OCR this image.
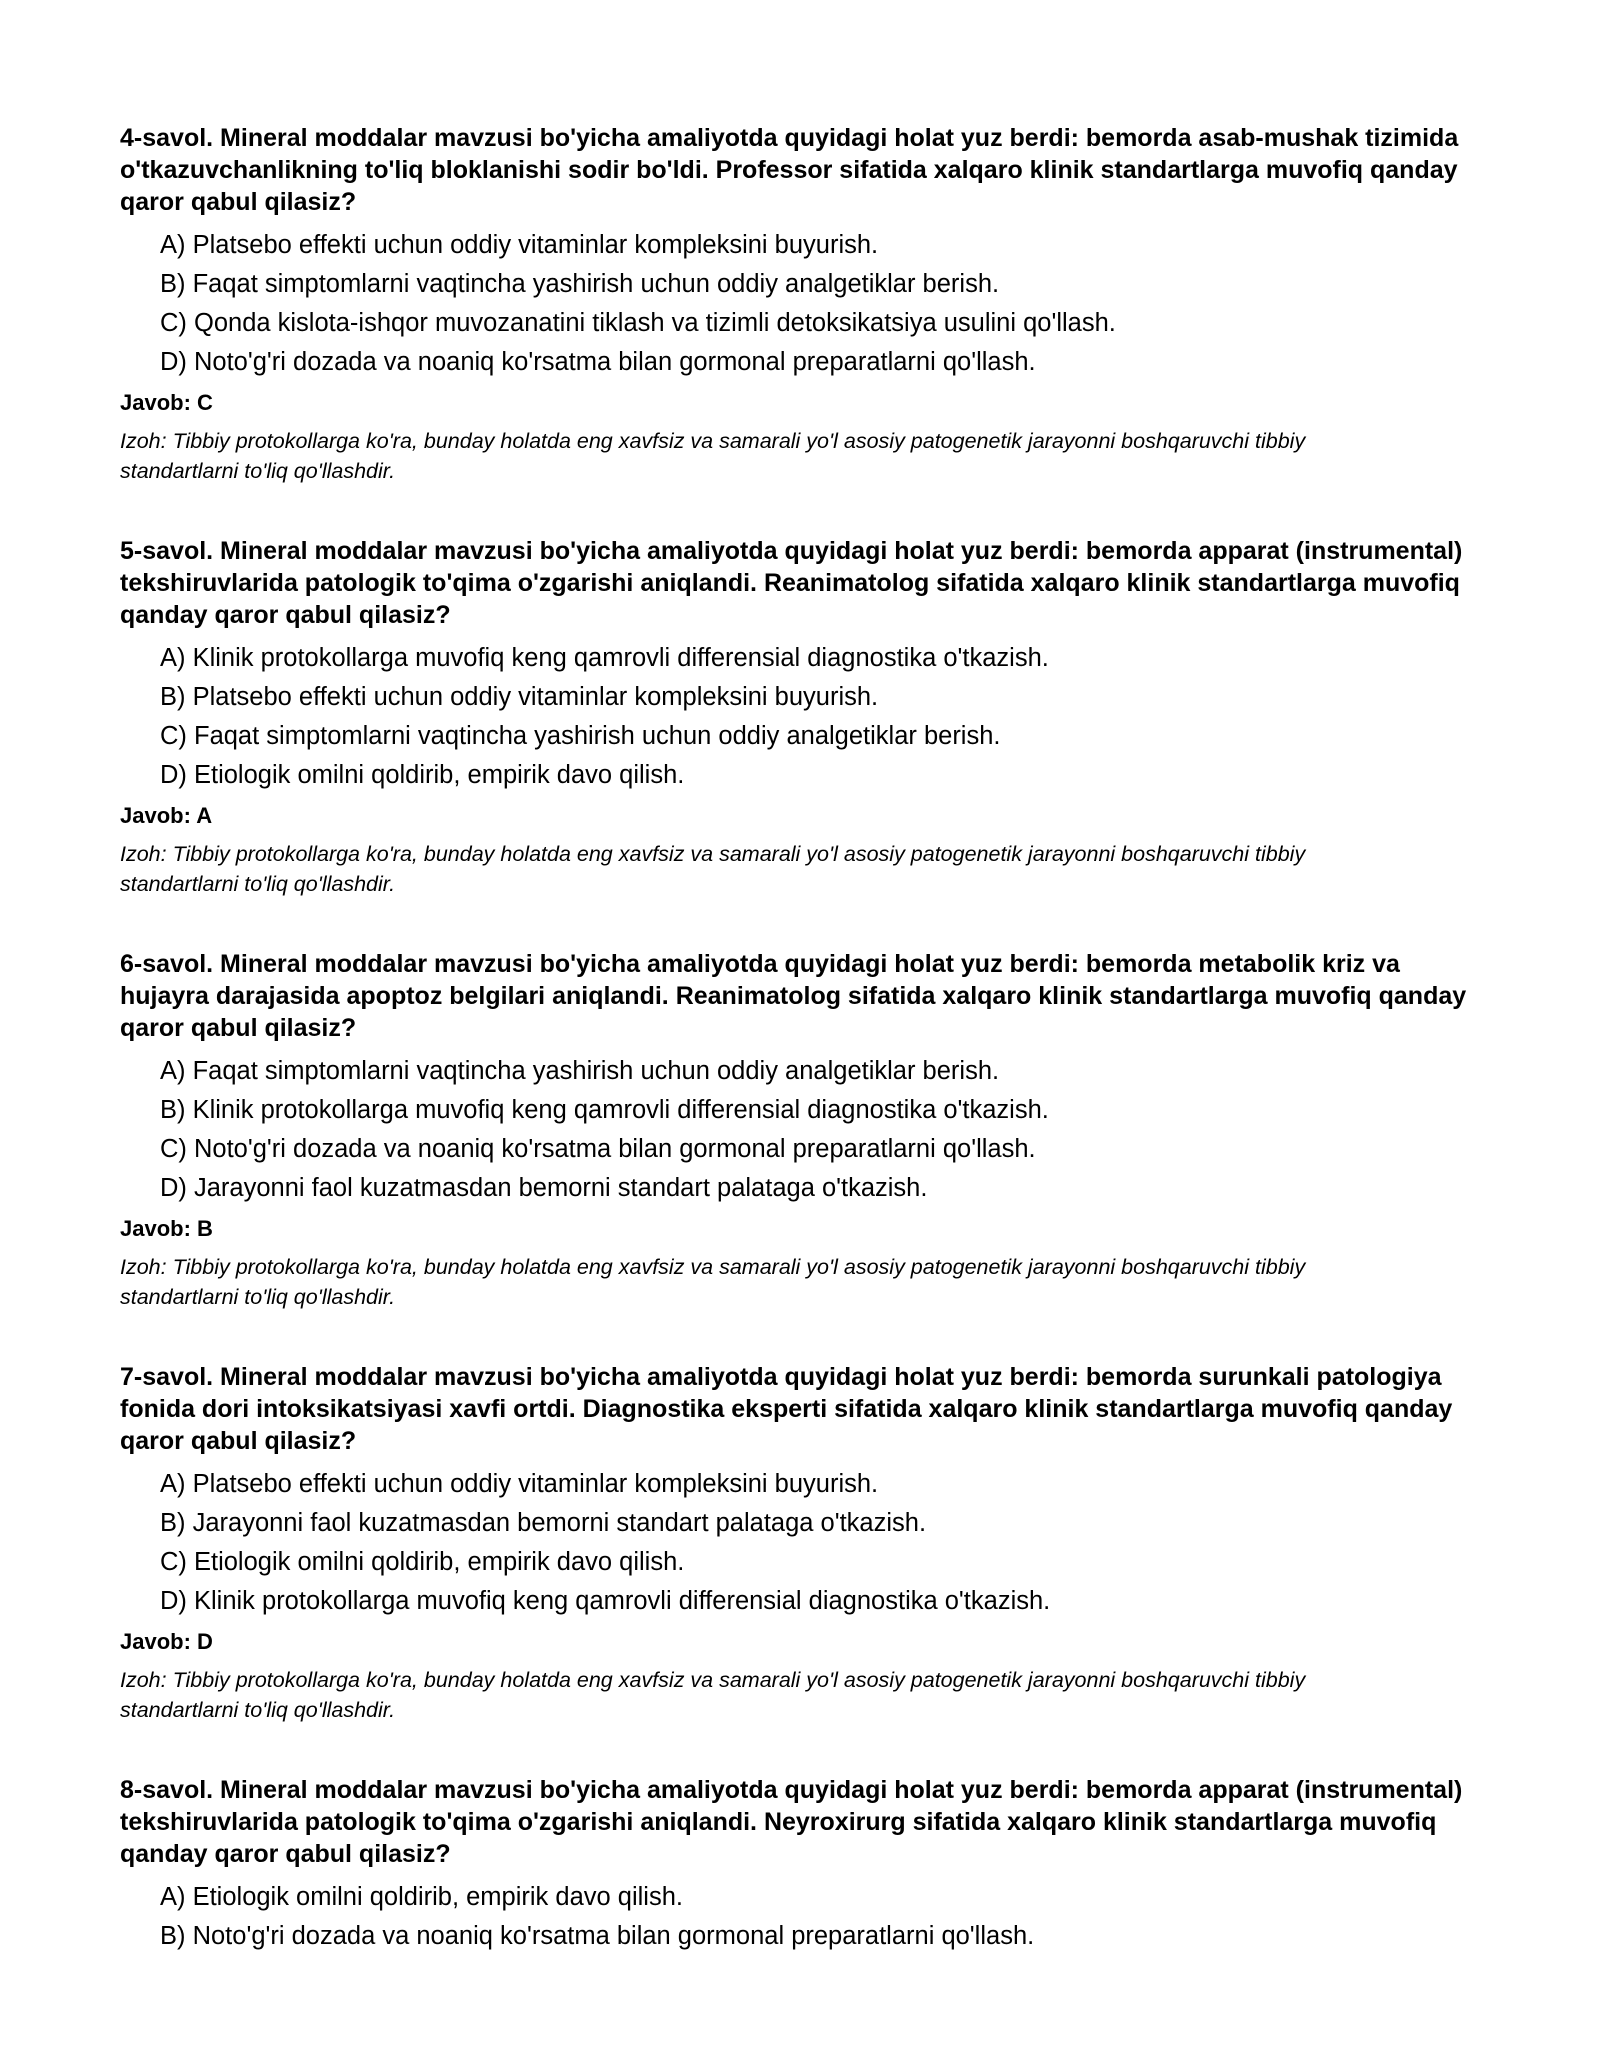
4-savol. Mineral moddalar mavzusi bo'yicha amaliyotda quyidagi holat yuz berdi: bemorda asab-mushak tizimida o'tkazuvchanlikning to'liq bloklanishi sodir bo'ldi. Professor sifatida xalqaro klinik standartlarga muvofiq qanday qaror qabul qilasiz?
A) Platsebo effekti uchun oddiy vitaminlar kompleksini buyurish.
B) Faqat simptomlarni vaqtincha yashirish uchun oddiy analgetiklar berish.
C) Qonda kislota-ishqor muvozanatini tiklash va tizimli detoksikatsiya usulini qo'llash.
D) Noto'g'ri dozada va noaniq ko'rsatma bilan gormonal preparatlarni qo'llash.
Javob: C
Izoh: Tibbiy protokollarga ko'ra, bunday holatda eng xavfsiz va samarali yo'l asosiy patogenetik jarayonni boshqaruvchi tibbiy standartlarni to'liq qo'llashdir.
5-savol. Mineral moddalar mavzusi bo'yicha amaliyotda quyidagi holat yuz berdi: bemorda apparat (instrumental) tekshiruvlarida patologik to'qima o'zgarishi aniqlandi. Reanimatolog sifatida xalqaro klinik standartlarga muvofiq qanday qaror qabul qilasiz?
A) Klinik protokollarga muvofiq keng qamrovli differensial diagnostika o'tkazish.
B) Platsebo effekti uchun oddiy vitaminlar kompleksini buyurish.
C) Faqat simptomlarni vaqtincha yashirish uchun oddiy analgetiklar berish.
D) Etiologik omilni qoldirib, empirik davo qilish.
Javob: A
Izoh: Tibbiy protokollarga ko'ra, bunday holatda eng xavfsiz va samarali yo'l asosiy patogenetik jarayonni boshqaruvchi tibbiy standartlarni to'liq qo'llashdir.
6-savol. Mineral moddalar mavzusi bo'yicha amaliyotda quyidagi holat yuz berdi: bemorda metabolik kriz va hujayra darajasida apoptoz belgilari aniqlandi. Reanimatolog sifatida xalqaro klinik standartlarga muvofiq qanday qaror qabul qilasiz?
A) Faqat simptomlarni vaqtincha yashirish uchun oddiy analgetiklar berish.
B) Klinik protokollarga muvofiq keng qamrovli differensial diagnostika o'tkazish.
C) Noto'g'ri dozada va noaniq ko'rsatma bilan gormonal preparatlarni qo'llash.
D) Jarayonni faol kuzatmasdan bemorni standart palataga o'tkazish.
Javob: B
Izoh: Tibbiy protokollarga ko'ra, bunday holatda eng xavfsiz va samarali yo'l asosiy patogenetik jarayonni boshqaruvchi tibbiy standartlarni to'liq qo'llashdir.
7-savol. Mineral moddalar mavzusi bo'yicha amaliyotda quyidagi holat yuz berdi: bemorda surunkali patologiya fonida dori intoksikatsiyasi xavfi ortdi. Diagnostika eksperti sifatida xalqaro klinik standartlarga muvofiq qanday qaror qabul qilasiz?
A) Platsebo effekti uchun oddiy vitaminlar kompleksini buyurish.
B) Jarayonni faol kuzatmasdan bemorni standart palataga o'tkazish.
C) Etiologik omilni qoldirib, empirik davo qilish.
D) Klinik protokollarga muvofiq keng qamrovli differensial diagnostika o'tkazish.
Javob: D
Izoh: Tibbiy protokollarga ko'ra, bunday holatda eng xavfsiz va samarali yo'l asosiy patogenetik jarayonni boshqaruvchi tibbiy standartlarni to'liq qo'llashdir.
8-savol. Mineral moddalar mavzusi bo'yicha amaliyotda quyidagi holat yuz berdi: bemorda apparat (instrumental) tekshiruvlarida patologik to'qima o'zgarishi aniqlandi. Neyroxirurg sifatida xalqaro klinik standartlarga muvofiq qanday qaror qabul qilasiz?
A) Etiologik omilni qoldirib, empirik davo qilish.
B) Noto'g'ri dozada va noaniq ko'rsatma bilan gormonal preparatlarni qo'llash.
